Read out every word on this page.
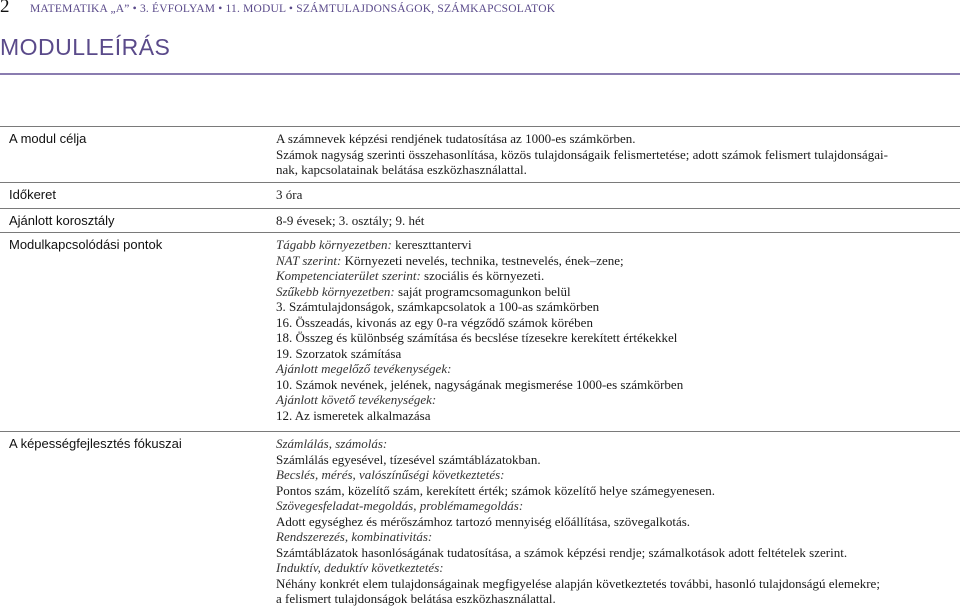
2 MATEMATIKA „A” • 3. ÉVFOLYAM • 11. MODUL • SZÁMTULAJDONSÁGOK, SZÁMKAPCSOLATOK
MODULLEÍRÁS
A modul célja	A számnevek képzési rendjének tudatosítása az 1000-es számkörben.
Számok nagyság szerinti összehasonlítása, közös tulajdonságaik felismertetése; adott számok felismert tulajdonságai-
nak, kapcsolatainak belátása eszközhasználattal.
Időkeret	3 óra
Ajánlott korosztály	8-9 évesek; 3. osztály; 9. hét
Modulkapcsolódási pontok	Tágabb környezetben: kereszttantervi
NAT szerint: Környezeti nevelés, technika, testnevelés, ének–zene;
Kompetenciaterület szerint: szociális és környezeti.
Szűkebb környezetben: saját programcsomagunkon belül
3. Számtulajdonságok, számkapcsolatok a 100-as számkörben
16. Összeadás, kivonás az egy 0-ra végződő számok körében
18. Összeg és különbség számítása és becslése tízesekre kerekített értékekkel
19. Szorzatok számítása
Ajánlott megelőző tevékenységek:
10. Számok nevének, jelének, nagyságának megismerése 1000-es számkörben
Ajánlott követő tevékenységek:
12. Az ismeretek alkalmazása
A képességfejlesztés fókuszai	Számlálás, számolás:
Számlálás egyesével, tízesével számtáblázatokban.
Becslés, mérés, valószínűségi következtetés:
Pontos szám, közelítő szám, kerekített érték; számok közelítő helye számegyenesen.
Szövegesfeladat-megoldás, problémamegoldás:
Adott egységhez és mérőszámhoz tartozó mennyiség előállítása, szövegalkotás.
Rendszerezés, kombinativitás:
Számtáblázatok hasonlóságának tudatosítása, a számok képzési rendje; számalkotások adott feltételek szerint.
Induktív, deduktív következtetés:
Néhány konkrét elem tulajdonságainak megfigyelése alapján következtetés további, hasonló tulajdonságú elemekre;
a felismert tulajdonságok belátása eszközhasználattal.
